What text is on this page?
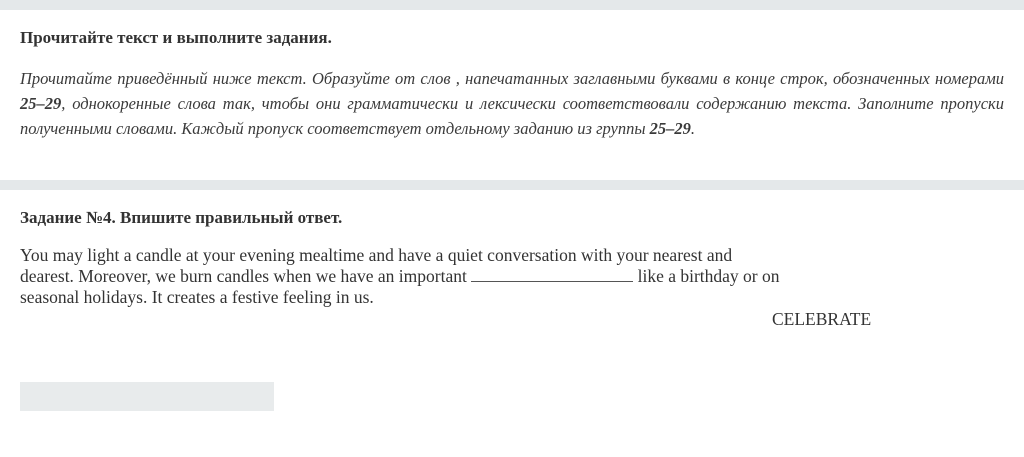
Прочитайте текст и выполните задания.

Прочитайте приведённый ниже текст. Образуйте от слов , напечатанных заглавными буквами в конце строк, обозначенных номерами 25–29, однокоренные слова так, чтобы они грамматически и лексически соответствовали содержанию текста. Заполните пропуски полученными словами. Каждый пропуск соответствует отдельному заданию из группы 25–29.

Задание №4. Впишите правильный ответ.

You may light a candle at your evening mealtime and have a quiet conversation with your nearest and dearest. Moreover, we burn candles when we have an important	like a birthday or on seasonal holidays. It creates a festive feeling in us.

CELEBRATE
